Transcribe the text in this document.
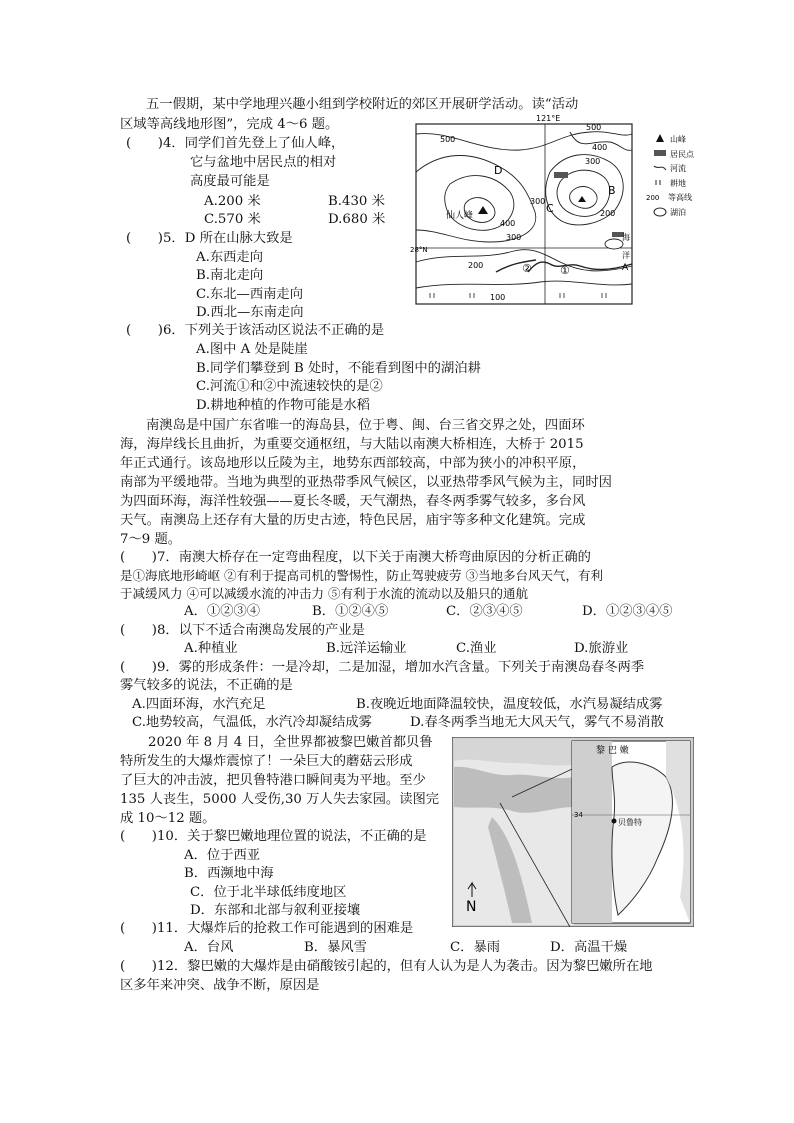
五一假期，某中学地理兴趣小组到学校附近的郊区开展研学活动。读“活动
区域等高线地形图”，完成 4～6 题。
(　　)4．同学们首先登上了仙人峰，
它与盆地中居民点的相对
高度最可能是
A.200 米	B.430 米
C.570 米	D.680 米
(　　)5．D 所在山脉大致是
A.东西走向
B.南北走向
C.东北—西南走向
D.西北—东南走向
(　　)6．下列关于该活动区说法不正确的是
A.图中 A 处是陡崖
B.同学们攀登到 B 处时，不能看到图中的湖泊耕
C.河流①和②中流速较快的是②
D.耕地种植的作物可能是水稻
121°E
28°N
500
500
400
400
300
300
300
200
200
100
D
C
B
A
仙人峰
①
②
海
洋
山峰
居民点
河流
耕地
200 等高线
湖泊
南澳岛是中国广东省唯一的海岛县，位于粤、闽、台三省交界之处，四面环
海，海岸线长且曲折，为重要交通枢纽，与大陆以南澳大桥相连，大桥于 2015
年正式通行。该岛地形以丘陵为主，地势东西部较高，中部为狭小的冲积平原，
南部为平缓地带。当地为典型的亚热带季风气候区，以亚热带季风气候为主，同时因
为四面环海，海洋性较强——夏长冬暖，天气潮热，春冬两季雾气较多，多台风
天气。南澳岛上还存有大量的历史古迹，特色民居，庙宇等多种文化建筑。完成
7～9 题。
(　　)7．南澳大桥存在一定弯曲程度，以下关于南澳大桥弯曲原因的分析正确的
是①海底地形崎岖 ②有利于提高司机的警惕性，防止驾驶疲劳 ③当地多台风天气，有利
于减缓风力 ④可以减缓水流的冲击力 ⑤有利于水流的流动以及船只的通航
A．①②③④	B．①②④⑤	C．②③④⑤	D．①②③④⑤
(　　)8．以下不适合南澳岛发展的产业是
A.种植业	B.远洋运输业	C.渔业	D.旅游业
(　　)9．雾的形成条件：一是冷却，二是加湿，增加水汽含量。下列关于南澳岛春冬两季
雾气较多的说法，不正确的是
A.四面环海，水汽充足	B.夜晚近地面降温较快，温度较低，水汽易凝结成雾
C.地势较高，气温低，水汽冷却凝结成雾	D.春冬两季当地无大风天气，雾气不易消散
2020 年 8 月 4 日，全世界都被黎巴嫩首都贝鲁
特所发生的大爆炸震惊了！一朵巨大的蘑菇云形成
了巨大的冲击波，把贝鲁特港口瞬间夷为平地。至少
135 人丧生，5000 人受伤,30 万人失去家园。读图完
成 10～12 题。
(　　)10．关于黎巴嫩地理位置的说法，不正确的是
A．位于西亚
B．西濒地中海
C．位于北半球低纬度地区
D．东部和北部与叙利亚接壤
(　　)11．大爆炸后的抢救工作可能遇到的困难是
A．台风	B．暴风雪	C．暴雨	D．高温干燥
(　　)12．黎巴嫩的大爆炸是由硝酸铵引起的，但有人认为是人为袭击。因为黎巴嫩所在地
区多年来冲突、战争不断，原因是
N
黎 巴 嫩
贝鲁特
34
